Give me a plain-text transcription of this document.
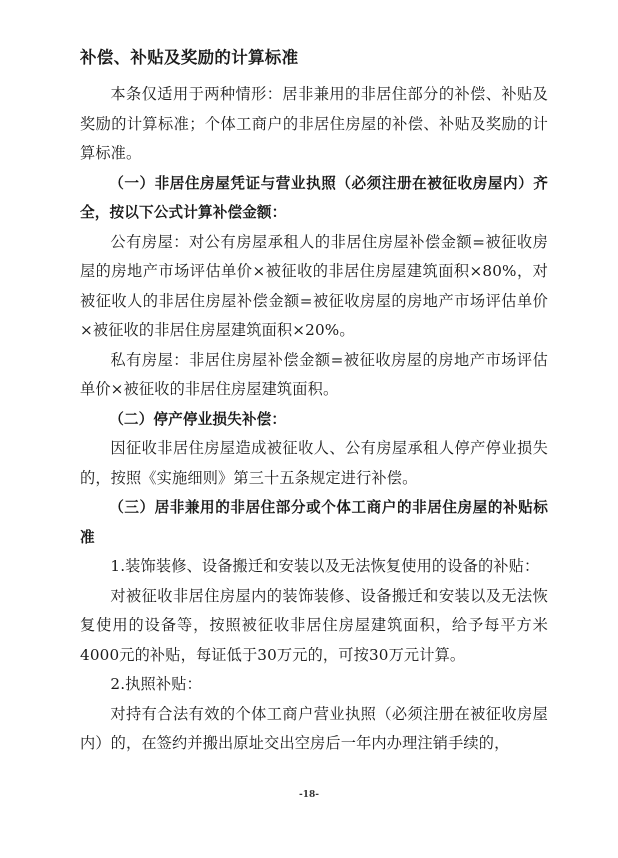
补偿、补贴及奖励的计算标准

本条仅适用于两种情形：居非兼用的非居住部分的补偿、补贴及奖励的计算标准；个体工商户的非居住房屋的补偿、补贴及奖励的计算标准。

（一）非居住房屋凭证与营业执照（必须注册在被征收房屋内）齐全，按以下公式计算补偿金额：

公有房屋：对公有房屋承租人的非居住房屋补偿金额=被征收房屋的房地产市场评估单价×被征收的非居住房屋建筑面积×80%，对被征收人的非居住房屋补偿金额=被征收房屋的房地产市场评估单价×被征收的非居住房屋建筑面积×20%。

私有房屋：非居住房屋补偿金额=被征收房屋的房地产市场评估单价×被征收的非居住房屋建筑面积。

（二）停产停业损失补偿：

因征收非居住房屋造成被征收人、公有房屋承租人停产停业损失的，按照《实施细则》第三十五条规定进行补偿。

（三）居非兼用的非居住部分或个体工商户的非居住房屋的补贴标准

1.装饰装修、设备搬迁和安装以及无法恢复使用的设备的补贴：

对被征收非居住房屋内的装饰装修、设备搬迁和安装以及无法恢复使用的设备等，按照被征收非居住房屋建筑面积，给予每平方米4000元的补贴，每证低于30万元的，可按30万元计算。

2.执照补贴：

对持有合法有效的个体工商户营业执照（必须注册在被征收房屋内）的，在签约并搬出原址交出空房后一年内办理注销手续的，

-18-
